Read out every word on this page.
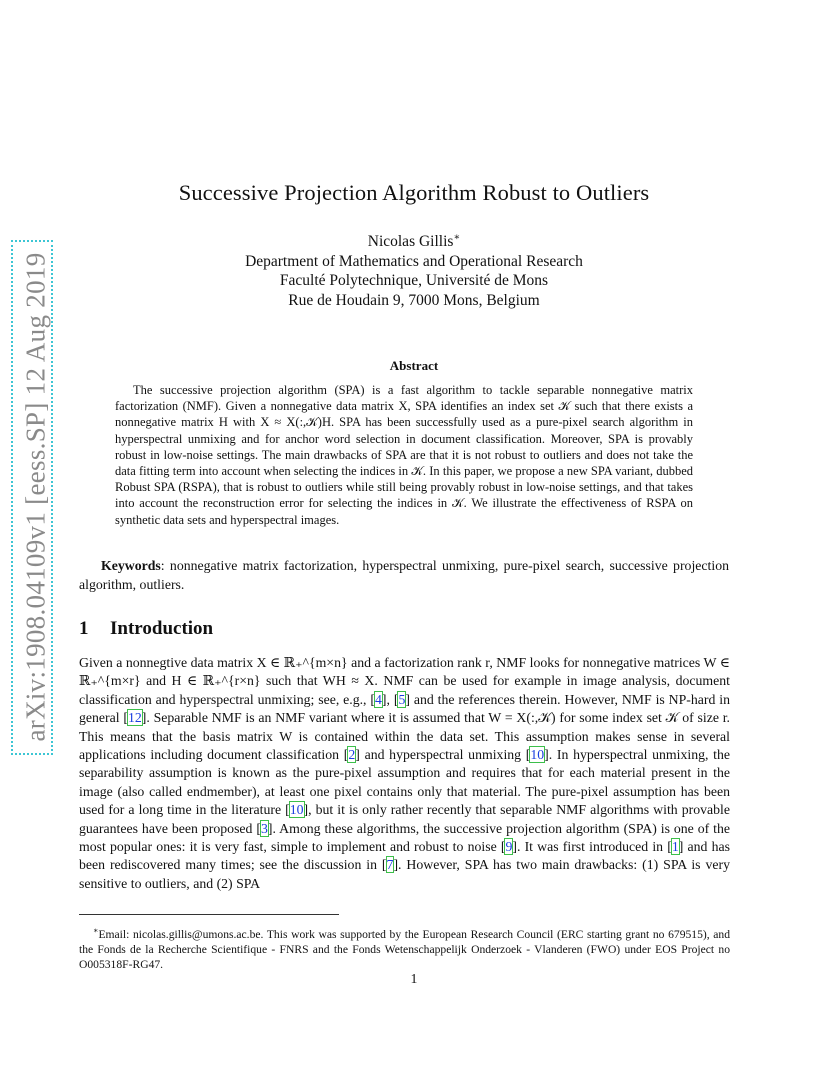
arXiv:1908.04109v1 [eess.SP] 12 Aug 2019
Successive Projection Algorithm Robust to Outliers
Nicolas Gillis∗
Department of Mathematics and Operational Research
Faculté Polytechnique, Université de Mons
Rue de Houdain 9, 7000 Mons, Belgium
Abstract
The successive projection algorithm (SPA) is a fast algorithm to tackle separable nonnegative matrix factorization (NMF). Given a nonnegative data matrix X, SPA identifies an index set 𝒦 such that there exists a nonnegative matrix H with X ≈ X(:,𝒦)H. SPA has been successfully used as a pure-pixel search algorithm in hyperspectral unmixing and for anchor word selection in document classification. Moreover, SPA is provably robust in low-noise settings. The main drawbacks of SPA are that it is not robust to outliers and does not take the data fitting term into account when selecting the indices in 𝒦. In this paper, we propose a new SPA variant, dubbed Robust SPA (RSPA), that is robust to outliers while still being provably robust in low-noise settings, and that takes into account the reconstruction error for selecting the indices in 𝒦. We illustrate the effectiveness of RSPA on synthetic data sets and hyperspectral images.
Keywords: nonnegative matrix factorization, hyperspectral unmixing, pure-pixel search, successive projection algorithm, outliers.
1 Introduction
Given a nonnegtive data matrix X ∈ ℝ₊^{m×n} and a factorization rank r, NMF looks for nonnegative matrices W ∈ ℝ₊^{m×r} and H ∈ ℝ₊^{r×n} such that WH ≈ X. NMF can be used for example in image analysis, document classification and hyperspectral unmixing; see, e.g., [4], [5] and the references therein. However, NMF is NP-hard in general [12]. Separable NMF is an NMF variant where it is assumed that W = X(:,𝒦) for some index set 𝒦 of size r. This means that the basis matrix W is contained within the data set. This assumption makes sense in several applications including document classification [2] and hyperspectral unmixing [10]. In hyperspectral unmixing, the separability assumption is known as the pure-pixel assumption and requires that for each material present in the image (also called endmember), at least one pixel contains only that material. The pure-pixel assumption has been used for a long time in the literature [10], but it is only rather recently that separable NMF algorithms with provable guarantees have been proposed [3]. Among these algorithms, the successive projection algorithm (SPA) is one of the most popular ones: it is very fast, simple to implement and robust to noise [9]. It was first introduced in [1] and has been rediscovered many times; see the discussion in [7]. However, SPA has two main drawbacks: (1) SPA is very sensitive to outliers, and (2) SPA
∗Email: nicolas.gillis@umons.ac.be. This work was supported by the European Research Council (ERC starting grant no 679515), and the Fonds de la Recherche Scientifique - FNRS and the Fonds Wetenschappelijk Onderzoek - Vlanderen (FWO) under EOS Project no O005318F-RG47.
1
